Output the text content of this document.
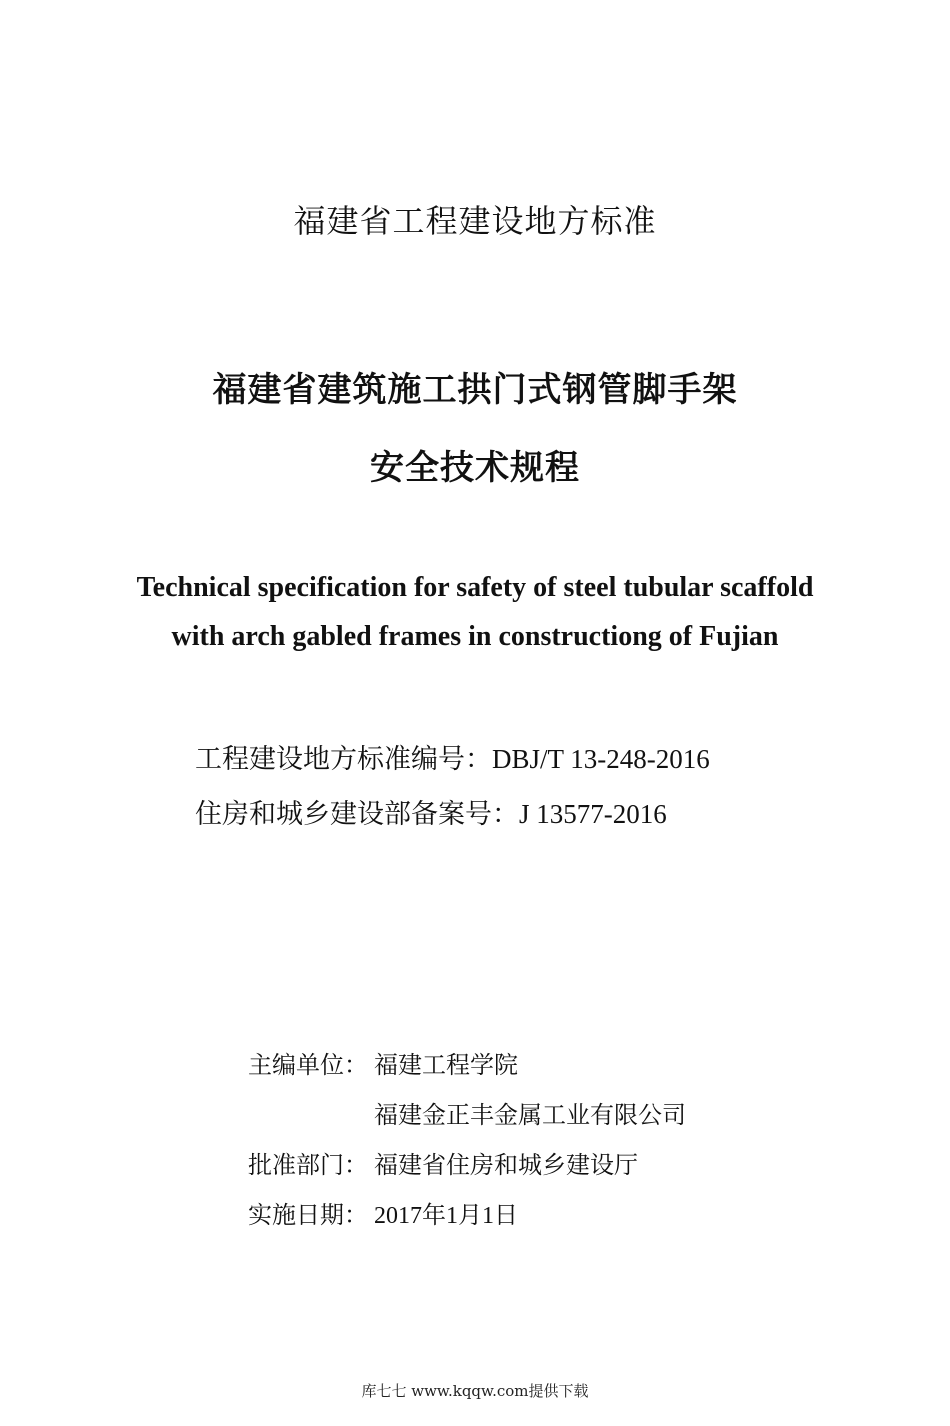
福建省工程建设地方标准
福建省建筑施工拱门式钢管脚手架
安全技术规程
Technical specification for safety of steel tubular scaffold
with arch gabled frames in constructiong of Fujian
工程建设地方标准编号：DBJ/T 13-248-2016
住房和城乡建设部备案号：J 13577-2016
主编单位： 福建工程学院
福建金正丰金属工业有限公司
批准部门： 福建省住房和城乡建设厅
实施日期： 2017年1月1日
库七七 www.kqqw.com提供下载
